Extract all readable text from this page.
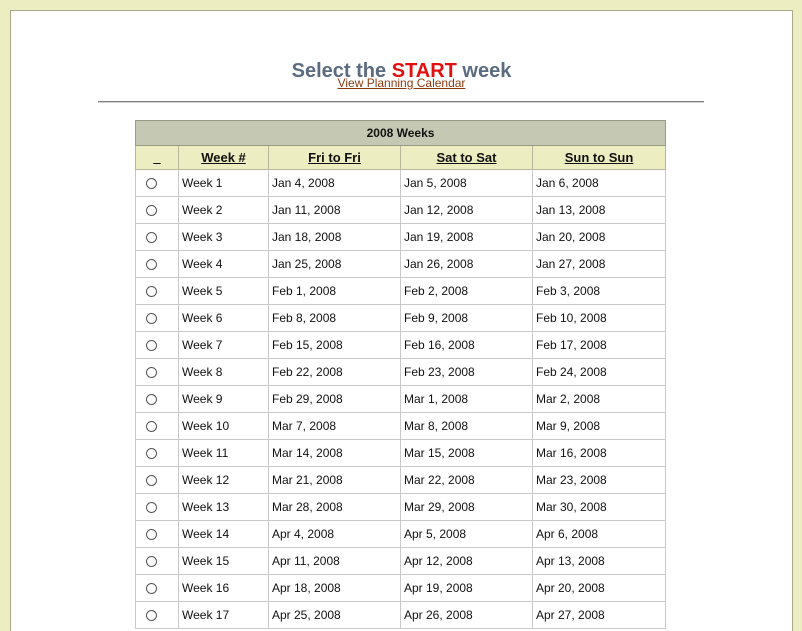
Select the START week
View Planning Calendar
2008 Weeks				
_	Week #	Fri to Fri	Sat to Sat	Sun to Sun
	Week 1	Jan 4, 2008	Jan 5, 2008	Jan 6, 2008
	Week 2	Jan 11, 2008	Jan 12, 2008	Jan 13, 2008
	Week 3	Jan 18, 2008	Jan 19, 2008	Jan 20, 2008
	Week 4	Jan 25, 2008	Jan 26, 2008	Jan 27, 2008
	Week 5	Feb 1, 2008	Feb 2, 2008	Feb 3, 2008
	Week 6	Feb 8, 2008	Feb 9, 2008	Feb 10, 2008
	Week 7	Feb 15, 2008	Feb 16, 2008	Feb 17, 2008
	Week 8	Feb 22, 2008	Feb 23, 2008	Feb 24, 2008
	Week 9	Feb 29, 2008	Mar 1, 2008	Mar 2, 2008
	Week 10	Mar 7, 2008	Mar 8, 2008	Mar 9, 2008
	Week 11	Mar 14, 2008	Mar 15, 2008	Mar 16, 2008
	Week 12	Mar 21, 2008	Mar 22, 2008	Mar 23, 2008
	Week 13	Mar 28, 2008	Mar 29, 2008	Mar 30, 2008
	Week 14	Apr 4, 2008	Apr 5, 2008	Apr 6, 2008
	Week 15	Apr 11, 2008	Apr 12, 2008	Apr 13, 2008
	Week 16	Apr 18, 2008	Apr 19, 2008	Apr 20, 2008
	Week 17	Apr 25, 2008	Apr 26, 2008	Apr 27, 2008
